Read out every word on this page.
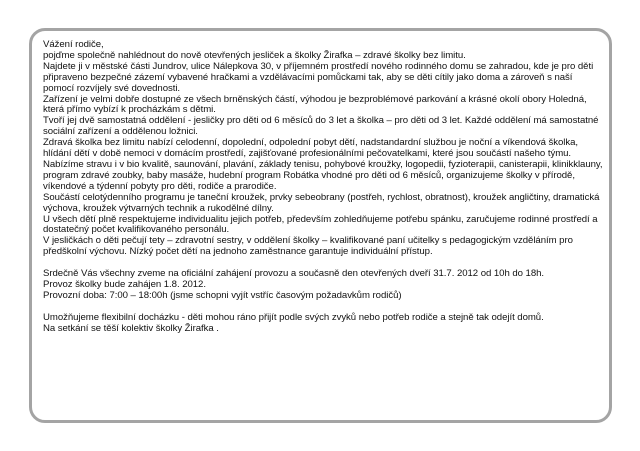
Vážení rodiče,

pojďme společně nahlédnout do nově otevřených jesliček a školky Žirafka – zdravé školky bez limitu.

Najdete ji v městské části Jundrov, ulice Nálepkova 30, v příjemném prostředí nového rodinného domu se zahradou, kde je pro děti připraveno bezpečné zázemí vybavené hračkami a vzdělávacími pomůckami tak, aby se děti cítily jako doma a zároveň s naší pomocí rozvíjely své dovednosti.

Zařízení je velmi dobře dostupné ze všech brněnských částí, výhodou je bezproblémové parkování a krásné okolí obory Holedná, která přímo vybízí k procházkám s dětmi.

Tvoří jej dvě samostatná oddělení - jesličky pro děti od 6 měsíců do 3 let a školka – pro děti od 3 let. Každé oddělení má samostatné sociální zařízení a oddělenou ložnici.

Zdravá školka bez limitu nabízí celodenní, dopolední, odpolední pobyt dětí, nadstandardní službou je noční a víkendová školka, hlídání dětí v době nemoci v domácím prostředí, zajišťované profesionálními pečovatelkami, které jsou součástí našeho týmu.

Nabízíme stravu i v bio kvalitě, saunování, plavání, základy tenisu, pohybové kroužky, logopedii, fyzioterapii, canisterapii, klinikklauny, program zdravé zoubky, baby masáže, hudební program Robátka vhodné pro děti od 6 měsíců, organizujeme školky v přírodě, víkendové a týdenní pobyty pro děti, rodiče a prarodiče.

Součástí celotýdenního programu je taneční kroužek, prvky sebeobrany (postřeh, rychlost, obratnost), kroužek angličtiny, dramatická výchova, kroužek výtvarných technik a rukodělné dílny.

U všech dětí plně respektujeme individualitu jejich potřeb, především zohledňujeme potřebu spánku, zaručujeme rodinné prostředí a dostatečný počet kvalifikovaného personálu.

V jesličkách o děti pečují tety – zdravotní sestry, v oddělení školky – kvalifikované paní učitelky s pedagogickým vzděláním pro předškolní výchovu. Nízký počet dětí na jednoho zaměstnance garantuje individuální přístup.

Srdečně Vás všechny zveme na oficiální zahájení provozu a současně den otevřených dveří 31.7. 2012 od 10h do 18h.

Provoz školky bude zahájen 1.8. 2012.

Provozní doba: 7:00 – 18:00h (jsme schopni vyjít vstříc časovým požadavkům rodičů)

Umožňujeme flexibilní docházku - děti mohou ráno přijít podle svých zvyků nebo potřeb rodiče a stejně tak odejít domů.

Na setkání se těší kolektiv školky Žirafka .
